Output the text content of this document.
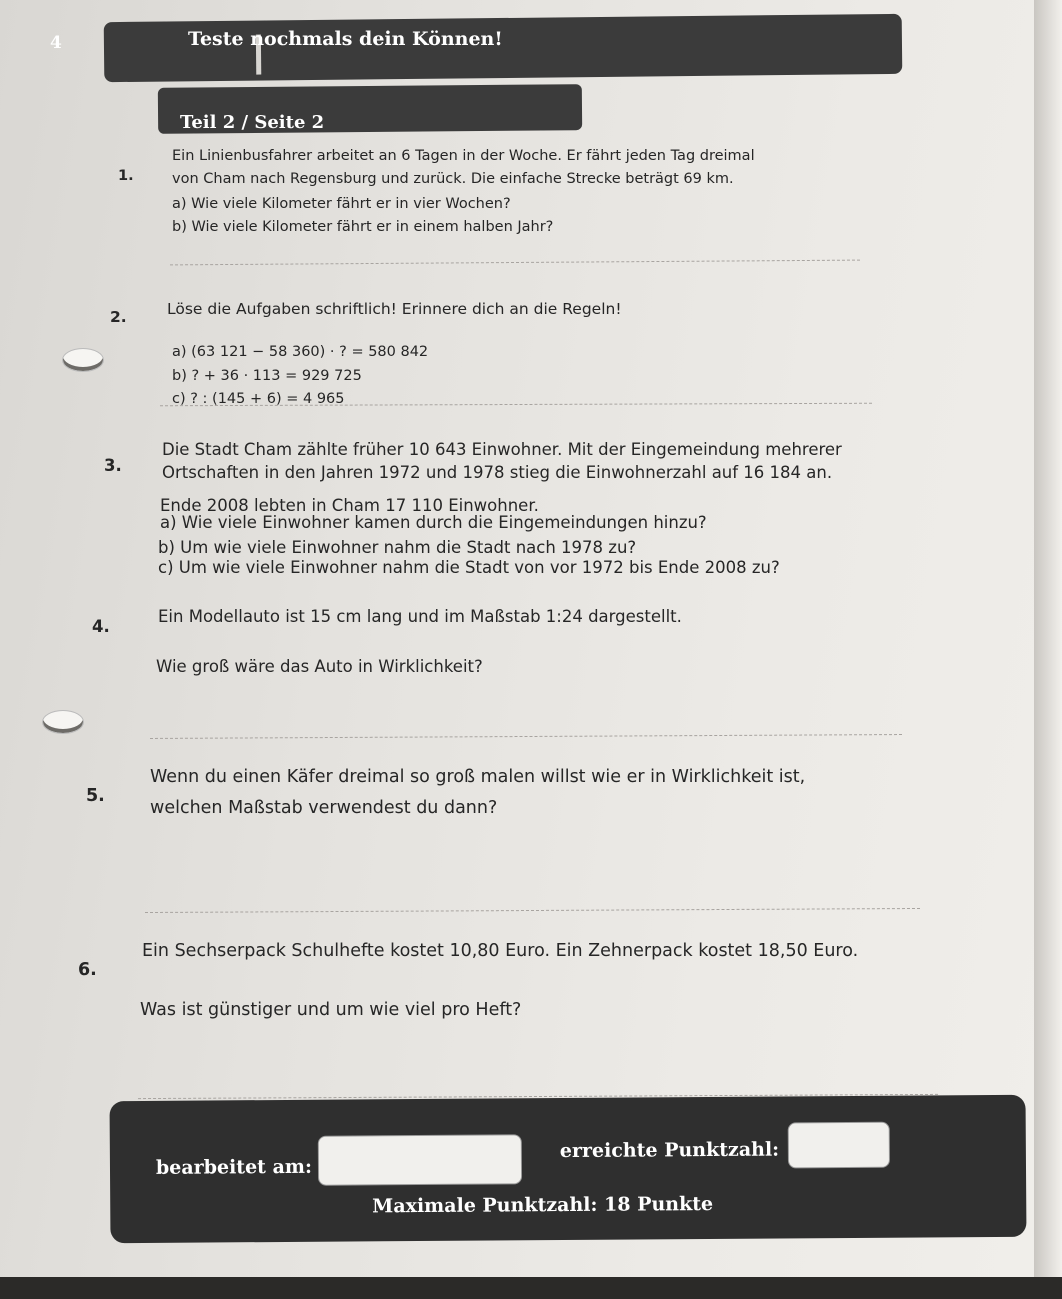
4	Teste nochmals dein Können!
Teil 2 / Seite 2
1.
Ein Linienbusfahrer arbeitet an 6 Tagen in der Woche. Er fährt jeden Tag dreimal
von Cham nach Regensburg und zurück. Die einfache Strecke beträgt 69 km.
a) Wie viele Kilometer fährt er in vier Wochen?
b) Wie viele Kilometer fährt er in einem halben Jahr?
2.	Löse die Aufgaben schriftlich! Erinnere dich an die Regeln!
a) (63 121 − 58 360) · ? = 580 842
b) ? + 36 · 113 = 929 725
c) ? : (145 + 6) = 4 965
3.
Die Stadt Cham zählte früher 10 643 Einwohner. Mit der Eingemeindung mehrerer
Ortschaften in den Jahren 1972 und 1978 stieg die Einwohnerzahl auf 16 184 an.
Ende 2008 lebten in Cham 17 110 Einwohner.
a) Wie viele Einwohner kamen durch die Eingemeindungen hinzu?
b) Um wie viele Einwohner nahm die Stadt nach 1978 zu?
c) Um wie viele Einwohner nahm die Stadt von vor 1972 bis Ende 2008 zu?
4.
Ein Modellauto ist 15 cm lang und im Maßstab 1:24 dargestellt.
Wie groß wäre das Auto in Wirklichkeit?
5.
Wenn du einen Käfer dreimal so groß malen willst wie er in Wirklichkeit ist,
welchen Maßstab verwendest du dann?
6.
Ein Sechserpack Schulhefte kostet 10,80 Euro. Ein Zehnerpack kostet 18,50 Euro.
Was ist günstiger und um wie viel pro Heft?
bearbeitet am:
erreichte Punktzahl:
Maximale Punktzahl: 18 Punkte
